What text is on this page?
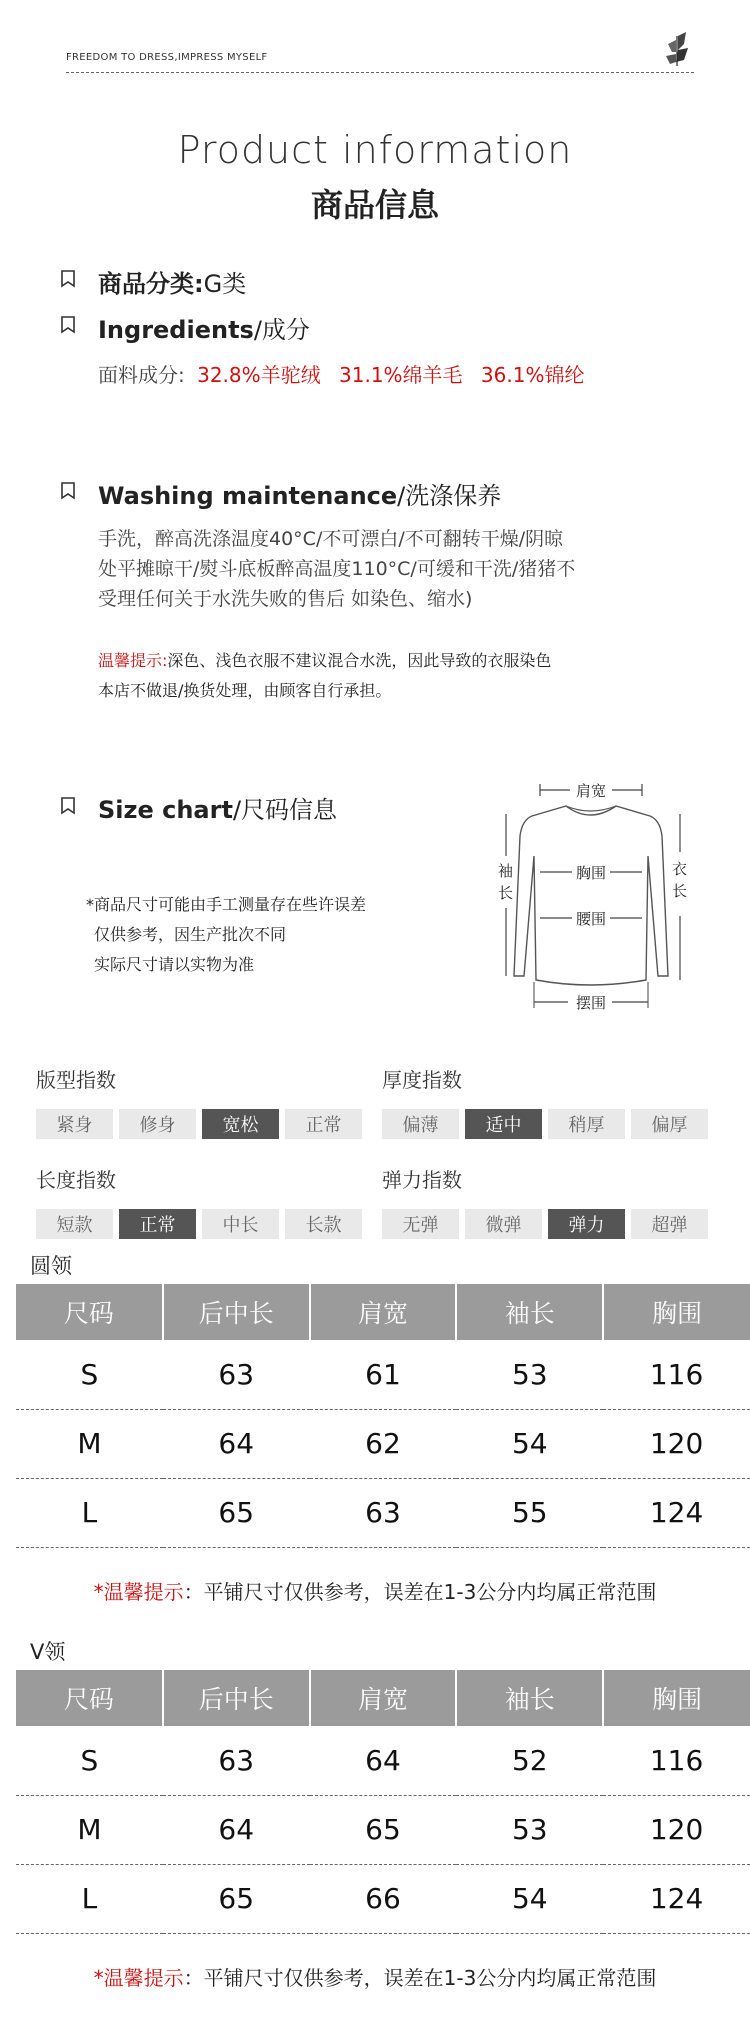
FREEDOM TO DRESS,IMPRESS MYSELF
Product information
商品信息
商品分类:G类
Ingredients/成分
面料成分: 32.8%羊驼绒 31.1%绵羊毛 36.1%锦纶
Washing maintenance/洗涤保养
手洗，醉高洗涤温度40°C/不可漂白/不可翻转干燥/阴晾
处平摊晾干/熨斗底板醉高温度110°C/可缓和干洗/猪猪不
受理任何关于水洗失败的售后 如染色、缩水)
温馨提示:深色、浅色衣服不建议混合水洗，因此导致的衣服染色
本店不做退/换货处理，由顾客自行承担。
Size chart/尺码信息
*商品尺寸可能由手工测量存在些许误差
仅供参考，因生产批次不同
实际尺寸请以实物为准
肩宽
胸围
腰围
摆围
袖长
衣长
版型指数
紧身	修身	宽松	正常
厚度指数
偏薄	适中	稍厚	偏厚
长度指数
短款	正常	中长	长款
弹力指数
无弹	微弹	弹力	超弹
圆领
尺码	后中长	肩宽	袖长	胸围
S	63	61	53	116
M	64	62	54	120
L	65	63	55	124
*温馨提示：平铺尺寸仅供参考，误差在1-3公分内均属正常范围
V领
尺码	后中长	肩宽	袖长	胸围
S	63	64	52	116
M	64	65	53	120
L	65	66	54	124
*温馨提示：平铺尺寸仅供参考，误差在1-3公分内均属正常范围
